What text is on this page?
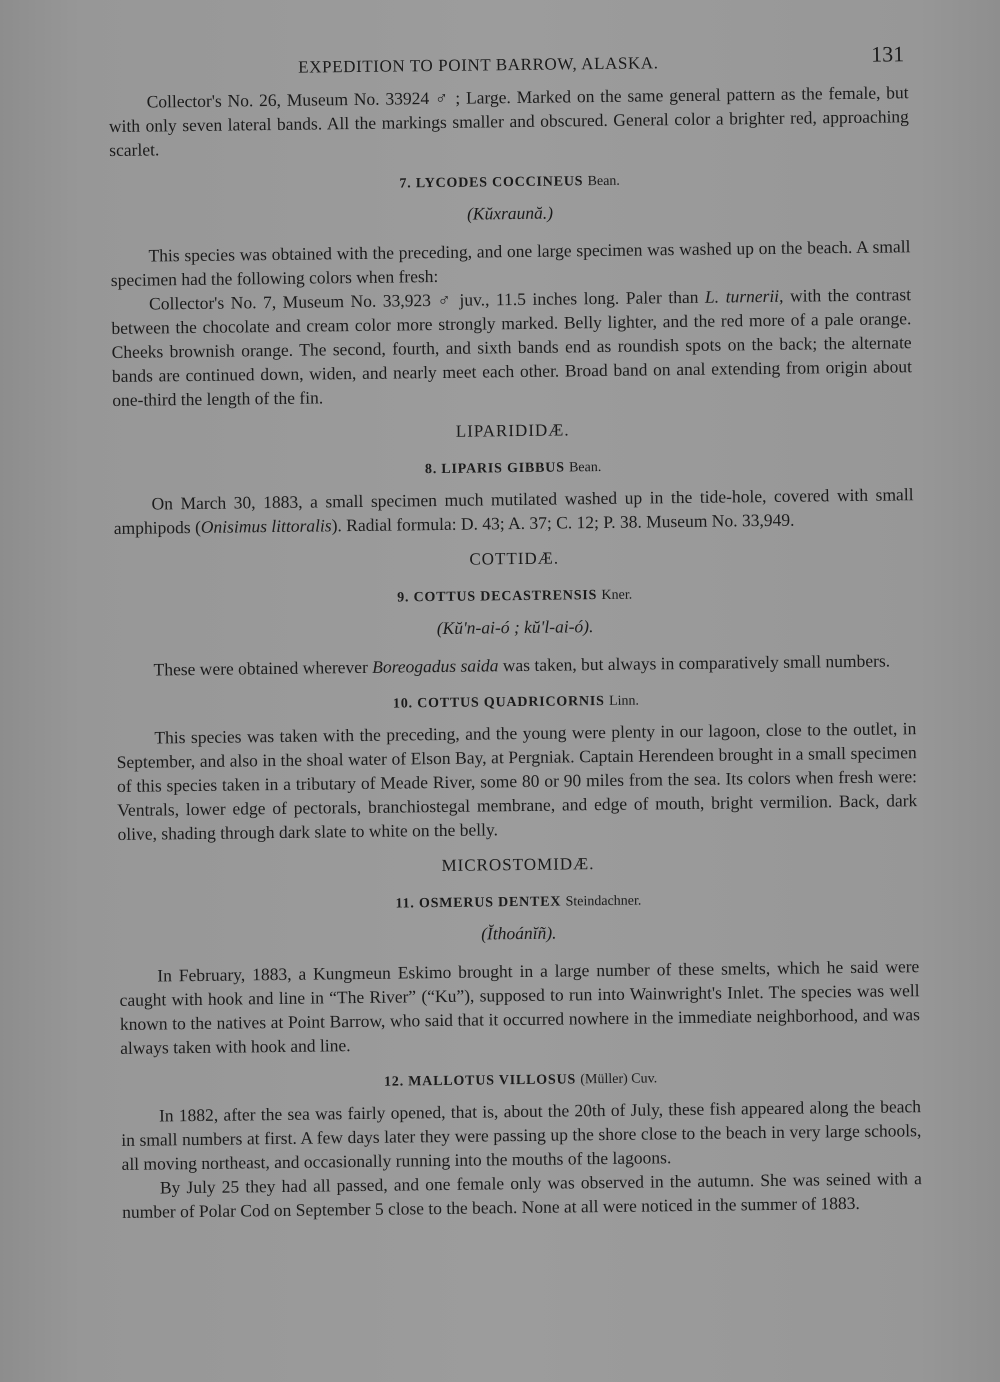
EXPEDITION TO POINT BARROW, ALASKA.	131

Collector's No. 26, Museum No. 33924 ♂ ; Large. Marked on the same general pattern as the female, but with only seven lateral bands. All the markings smaller and obscured. General color a brighter red, approaching scarlet.

7. LYCODES COCCINEUS Bean.
(Kŭxraună.)

This species was obtained with the preceding, and one large specimen was washed up on the beach. A small specimen had the following colors when fresh:

Collector's No. 7, Museum No. 33,923 ♂ juv., 11.5 inches long. Paler than L. turnerii, with the contrast between the chocolate and cream color more strongly marked. Belly lighter, and the red more of a pale orange. Cheeks brownish orange. The second, fourth, and sixth bands end as roundish spots on the back; the alternate bands are continued down, widen, and nearly meet each other. Broad band on anal extending from origin about one-third the length of the fin.

LIPARIDIDÆ.
8. LIPARIS GIBBUS Bean.

On March 30, 1883, a small specimen much mutilated washed up in the tide-hole, covered with small amphipods (Onisimus littoralis). Radial formula: D. 43; A. 37; C. 12; P. 38. Museum No. 33,949.

COTTIDÆ.
9. COTTUS DECASTRENSIS Kner.
(Kŭ'n-ai-ó ; kŭ'l-ai-ó).

These were obtained wherever Boreogadus saida was taken, but always in comparatively small numbers.

10. COTTUS QUADRICORNIS Linn.

This species was taken with the preceding, and the young were plenty in our lagoon, close to the outlet, in September, and also in the shoal water of Elson Bay, at Pergniak. Captain Herendeen brought in a small specimen of this species taken in a tributary of Meade River, some 80 or 90 miles from the sea. Its colors when fresh were: Ventrals, lower edge of pectorals, branchiostegal membrane, and edge of mouth, bright vermilion. Back, dark olive, shading through dark slate to white on the belly.

MICROSTOMIDÆ.
11. OSMERUS DENTEX Steindachner.
(Ĭthoánĭñ).

In February, 1883, a Kungmeun Eskimo brought in a large number of these smelts, which he said were caught with hook and line in “The River” (“Ku”), supposed to run into Wainwright's Inlet. The species was well known to the natives at Point Barrow, who said that it occurred nowhere in the immediate neighborhood, and was always taken with hook and line.

12. MALLOTUS VILLOSUS (Müller) Cuv.

In 1882, after the sea was fairly opened, that is, about the 20th of July, these fish appeared along the beach in small numbers at first. A few days later they were passing up the shore close to the beach in very large schools, all moving northeast, and occasionally running into the mouths of the lagoons.

By July 25 they had all passed, and one female only was observed in the autumn. She was seined with a number of Polar Cod on September 5 close to the beach. None at all were noticed in the summer of 1883.
